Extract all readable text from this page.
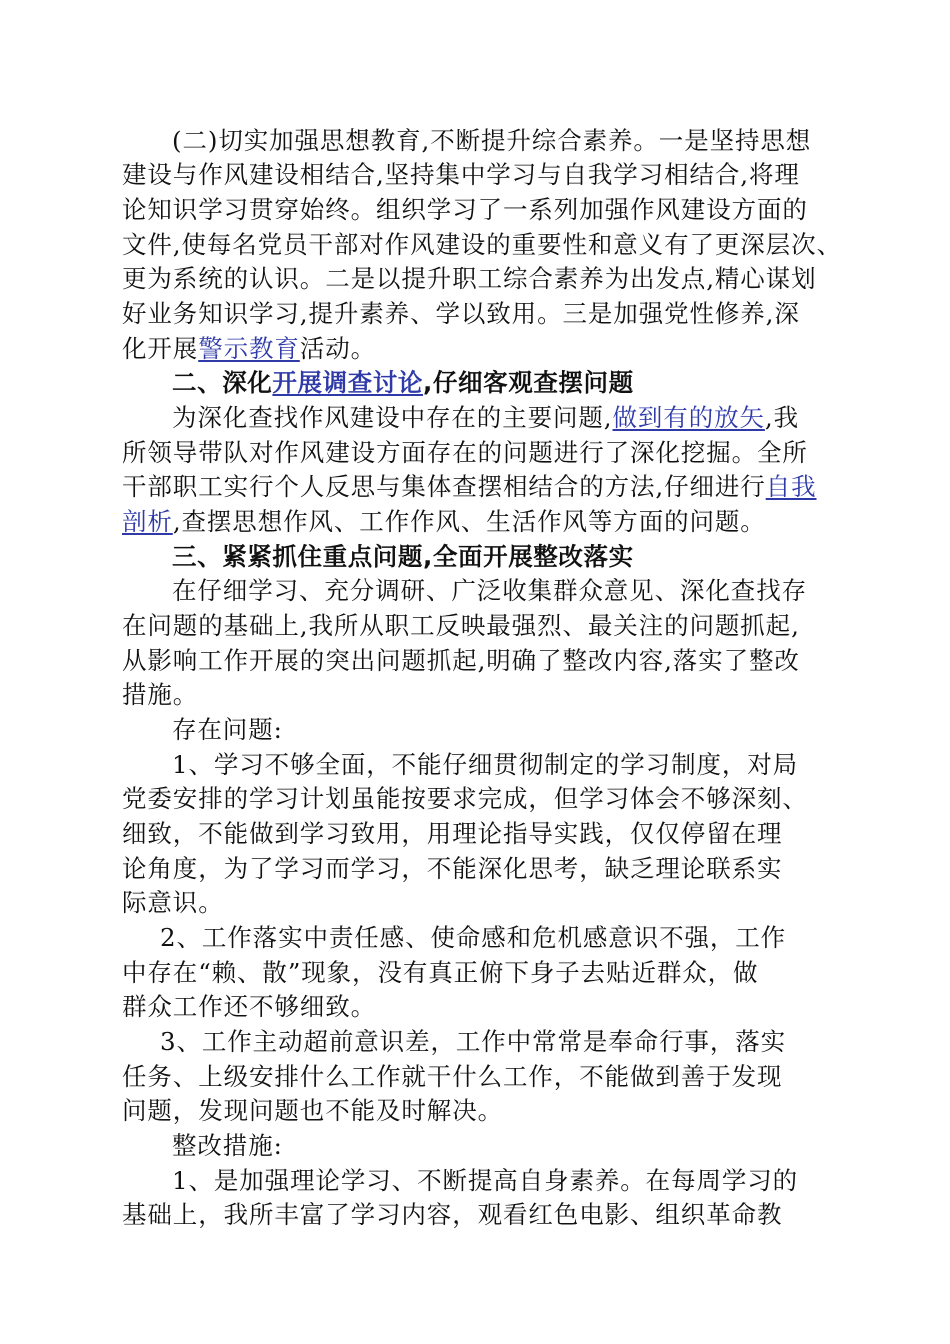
(二)切实加强思想教育,不断提升综合素养。一是坚持思想
建设与作风建设相结合,坚持集中学习与自我学习相结合,将理
论知识学习贯穿始终。组织学习了一系列加强作风建设方面的
文件,使每名党员干部对作风建设的重要性和意义有了更深层次、
更为系统的认识。二是以提升职工综合素养为出发点,精心谋划
好业务知识学习,提升素养、学以致用。三是加强党性修养,深
化开展警示教育活动。
二、深化开展调查讨论,仔细客观查摆问题
为深化查找作风建设中存在的主要问题,做到有的放矢,我
所领导带队对作风建设方面存在的问题进行了深化挖掘。全所
干部职工实行个人反思与集体查摆相结合的方法,仔细进行自我
剖析,查摆思想作风、工作作风、生活作风等方面的问题。
三、紧紧抓住重点问题,全面开展整改落实
在仔细学习、充分调研、广泛收集群众意见、深化查找存
在问题的基础上,我所从职工反映最强烈、最关注的问题抓起,
从影响工作开展的突出问题抓起,明确了整改内容,落实了整改
措施。
存在问题:
1、学习不够全面，不能仔细贯彻制定的学习制度，对局
党委安排的学习计划虽能按要求完成，但学习体会不够深刻、
细致，不能做到学习致用，用理论指导实践，仅仅停留在理
论角度，为了学习而学习，不能深化思考，缺乏理论联系实
际意识。
2、工作落实中责任感、使命感和危机感意识不强，工作
中存在“赖、散”现象，没有真正俯下身子去贴近群众，做
群众工作还不够细致。
3、工作主动超前意识差，工作中常常是奉命行事，落实
任务、上级安排什么工作就干什么工作，不能做到善于发现
问题，发现问题也不能及时解决。
整改措施:
1、是加强理论学习、不断提高自身素养。在每周学习的
基础上，我所丰富了学习内容，观看红色电影、组织革命教
